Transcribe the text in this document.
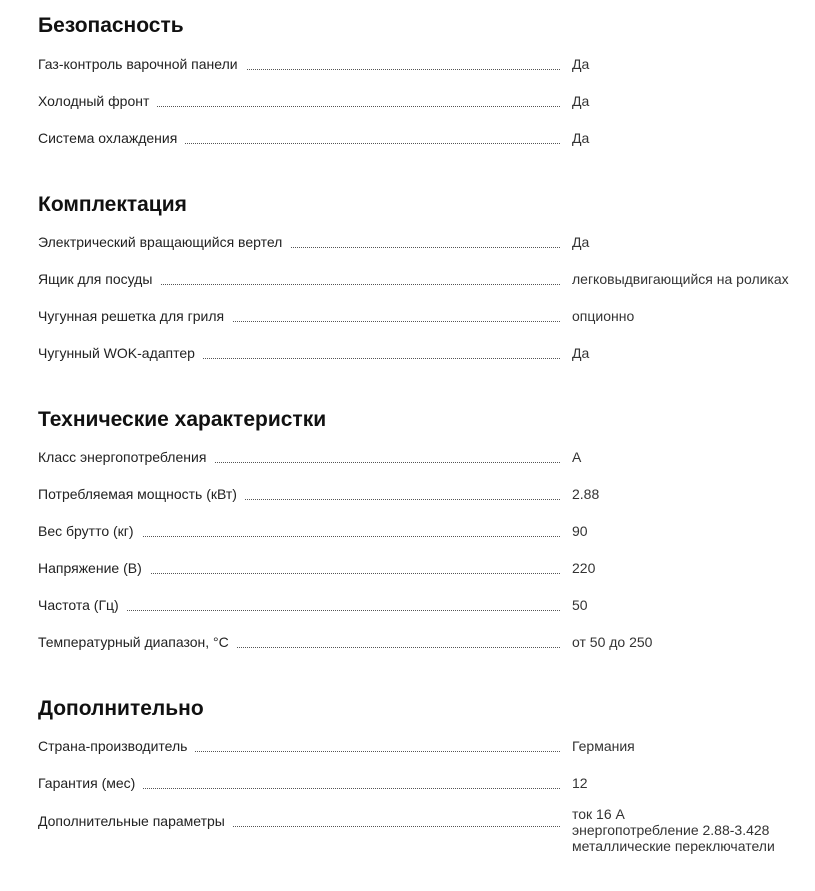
Безопасность
Газ-контроль варочной панели	Да
Холодный фронт	Да
Система охлаждения	Да
Комплектация
Электрический вращающийся вертел	Да
Ящик для посуды	легковыдвигающийся на роликах
Чугунная решетка для гриля	опционно
Чугунный WOK-адаптер	Да
Технические характеристки
Класс энергопотребления	А
Потребляемая мощность (кВт)	2.88
Вес брутто (кг)	90
Напряжение (В)	220
Частота (Гц)	50
Температурный диапазон, °С	от 50 до 250
Дополнительно
Страна-производитель	Германия
Гарантия (мес)	12
Дополнительные параметры	ток 16 А
энергопотребление 2.88-3.428
металлические переключатели
